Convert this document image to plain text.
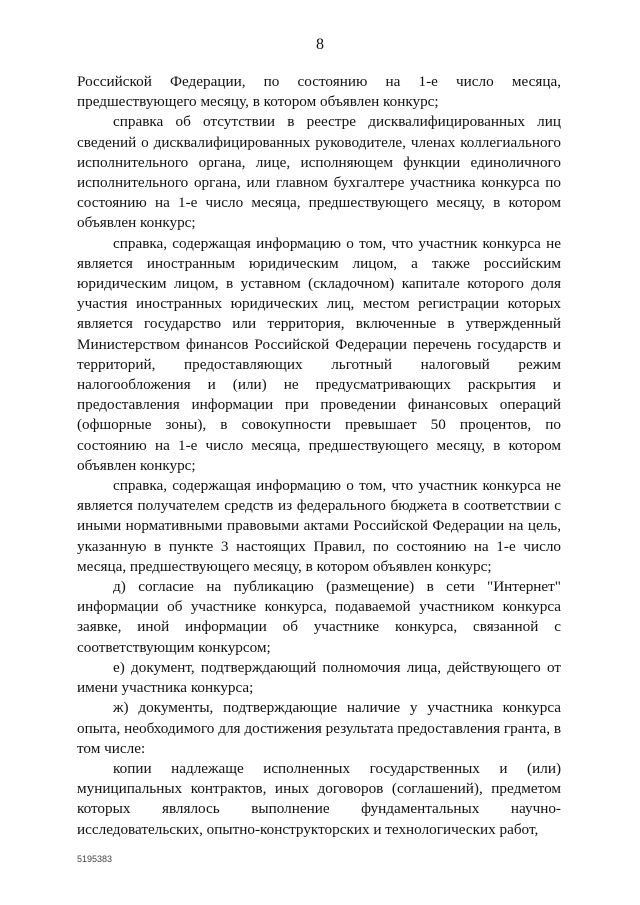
8

Российской Федерации, по состоянию на 1-е число месяца, предшествующего месяцу, в котором объявлен конкурс;

справка об отсутствии в реестре дисквалифицированных лиц сведений о дисквалифицированных руководителе, членах коллегиального исполнительного органа, лице, исполняющем функции единоличного исполнительного органа, или главном бухгалтере участника конкурса по состоянию на 1-е число месяца, предшествующего месяцу, в котором объявлен конкурс;

справка, содержащая информацию о том, что участник конкурса не является иностранным юридическим лицом, а также российским юридическим лицом, в уставном (складочном) капитале которого доля участия иностранных юридических лиц, местом регистрации которых является государство или территория, включенные в утвержденный Министерством финансов Российской Федерации перечень государств и территорий, предоставляющих льготный налоговый режим налогообложения и (или) не предусматривающих раскрытия и предоставления информации при проведении финансовых операций (офшорные зоны), в совокупности превышает 50 процентов, по состоянию на 1-е число месяца, предшествующего месяцу, в котором объявлен конкурс;

справка, содержащая информацию о том, что участник конкурса не является получателем средств из федерального бюджета в соответствии с иными нормативными правовыми актами Российской Федерации на цель, указанную в пункте 3 настоящих Правил, по состоянию на 1-е число месяца, предшествующего месяцу, в котором объявлен конкурс;

д) согласие на публикацию (размещение) в сети "Интернет" информации об участнике конкурса, подаваемой участником конкурса заявке, иной информации об участнике конкурса, связанной с соответствующим конкурсом;

е) документ, подтверждающий полномочия лица, действующего от имени участника конкурса;

ж) документы, подтверждающие наличие у участника конкурса опыта, необходимого для достижения результата предоставления гранта, в том числе:

копии надлежаще исполненных государственных и (или) муниципальных контрактов, иных договоров (соглашений), предметом которых являлось выполнение фундаментальных научно-исследовательских, опытно-конструкторских и технологических работ,

5195383
